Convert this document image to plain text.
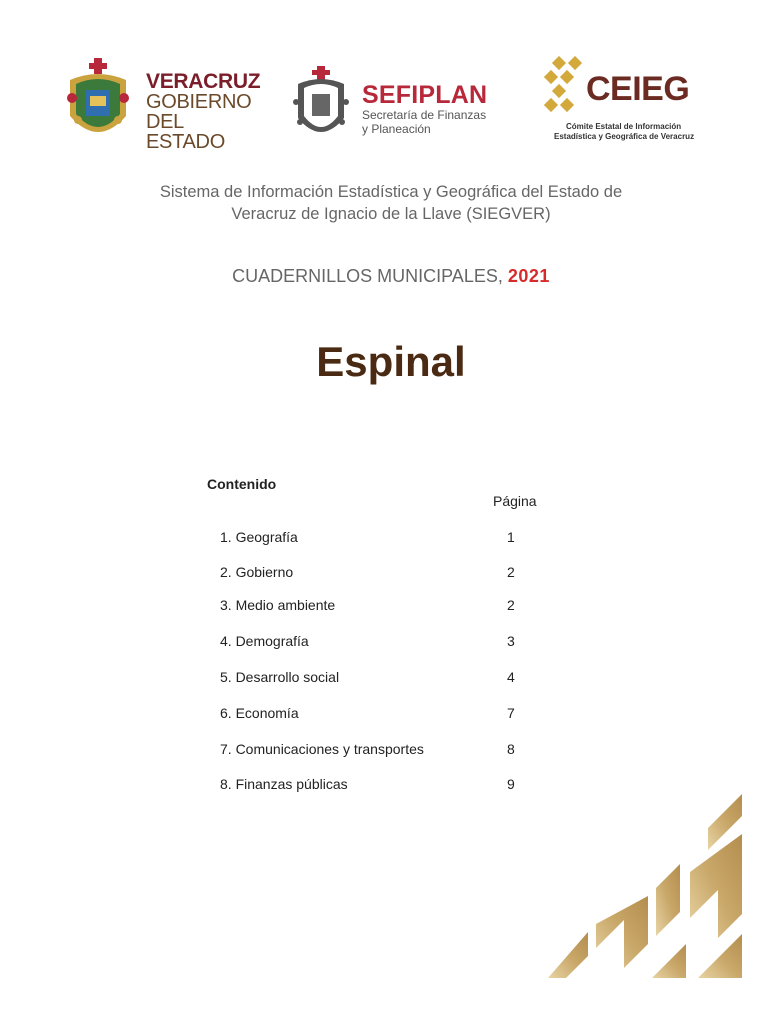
VERACRUZ
GOBIERNO
DEL ESTADO
SEFIPLAN
Secretaría de Finanzas
y Planeación
CEIEG
Cómite Estatal de Información
Estadística y Geográfica de Veracruz
Sistema de Información Estadística y Geográfica del Estado de
Veracruz de Ignacio de la Llave (SIEGVER)
CUADERNILLOS MUNICIPALES, 2021
Espinal
Contenido
Página
1. Geografía	1
2. Gobierno	2
3. Medio ambiente	2
4. Demografía	3
5. Desarrollo social	4
6. Economía	7
7. Comunicaciones y transportes	8
8. Finanzas públicas	9
